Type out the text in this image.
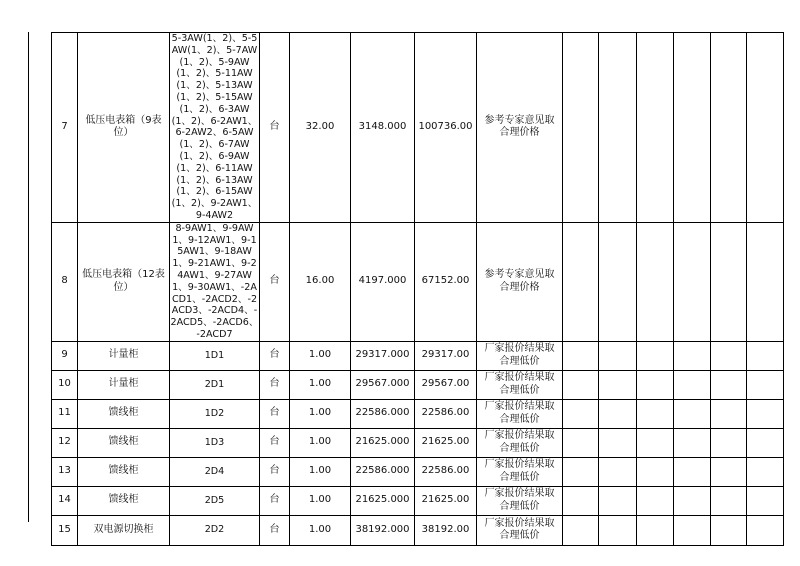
7	低压电表箱（9表位）	5-3AW(1、2)、5-5AW(1、2)、5-7AW(1、2)、5-9AW(1、2)、5-11AW(1、2)、5-13AW(1、2)、5-15AW(1、2)、6-3AW(1、2)、6-2AW1、6-2AW2、6-5AW(1、2)、6-7AW(1、2)、6-9AW(1、2)、6-11AW(1、2)、6-13AW(1、2)、6-15AW(1、2)、9-2AW1、9-4AW2	台	32.00	3148.000	100736.00	参考专家意见取合理价格						
8	低压电表箱（12表位）	8-9AW1、9-9AW1、9-12AW1、9-15AW1、9-18AW1、9-21AW1、9-24AW1、9-27AW1、9-30AW1、-2ACD1、-2ACD2、-2ACD3、-2ACD4、-2ACD5、-2ACD6、-2ACD7	台	16.00	4197.000	67152.00	参考专家意见取合理价格						
9	计量柜	1D1	台	1.00	29317.000	29317.00	厂家报价结果取合理低价						
10	计量柜	2D1	台	1.00	29567.000	29567.00	厂家报价结果取合理低价						
11	馈线柜	1D2	台	1.00	22586.000	22586.00	厂家报价结果取合理低价						
12	馈线柜	1D3	台	1.00	21625.000	21625.00	厂家报价结果取合理低价						
13	馈线柜	2D4	台	1.00	22586.000	22586.00	厂家报价结果取合理低价						
14	馈线柜	2D5	台	1.00	21625.000	21625.00	厂家报价结果取合理低价						
15	双电源切换柜	2D2	台	1.00	38192.000	38192.00	厂家报价结果取合理低价						
